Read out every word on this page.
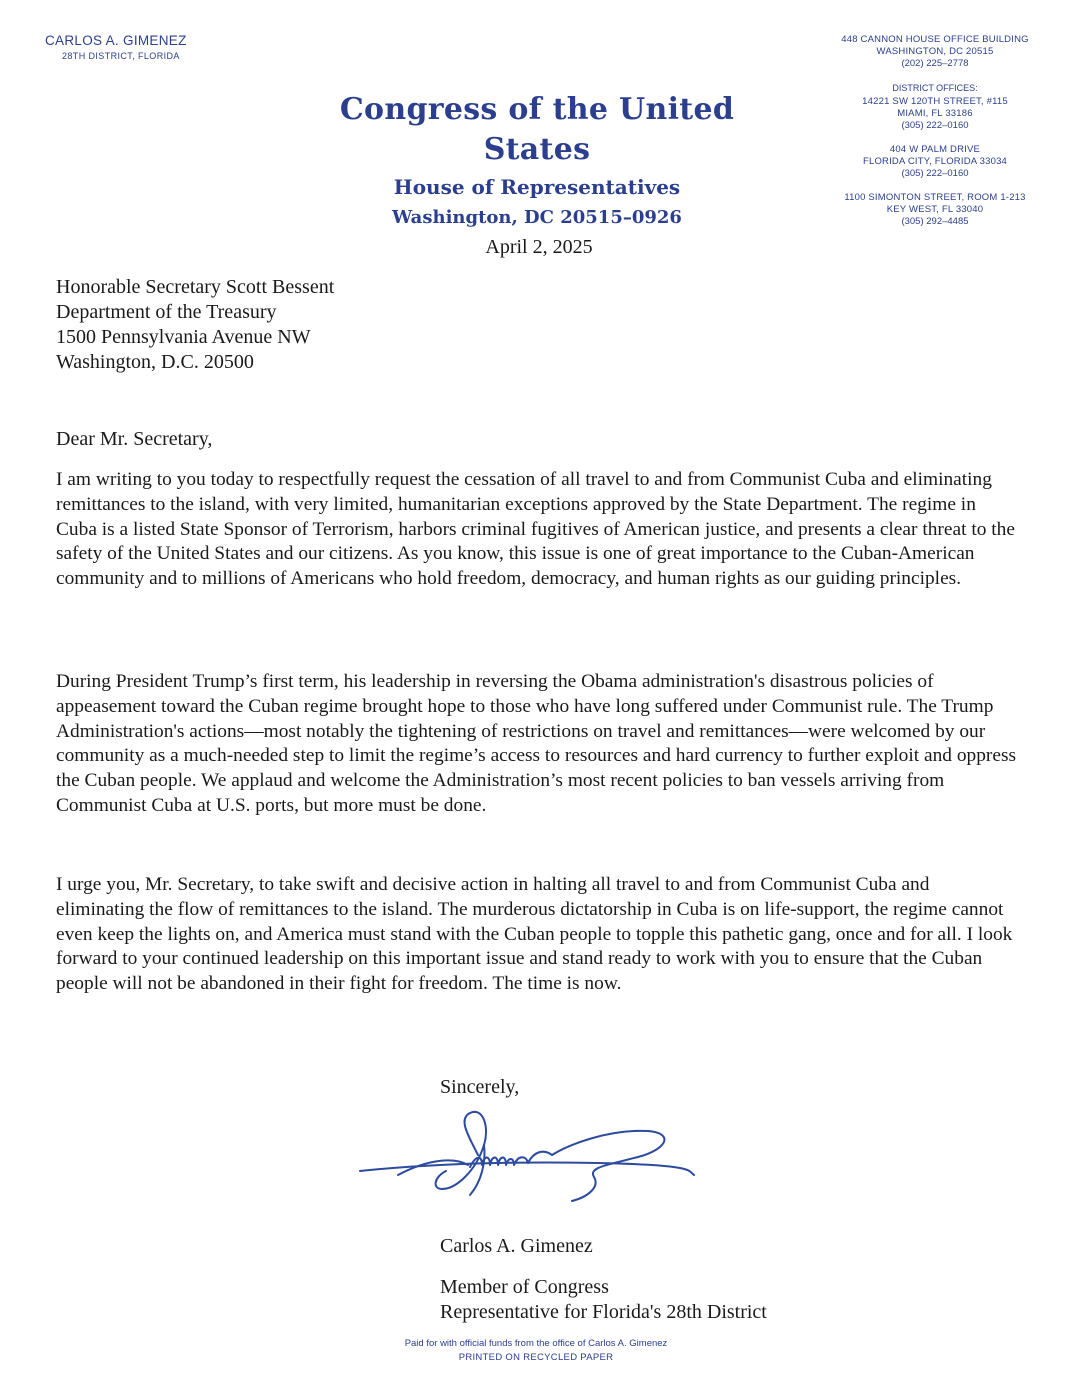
CARLOS A. GIMENEZ
28TH DISTRICT, FLORIDA
Congress of the United States
House of Representatives
Washington, DC 20515–0926
448 CANNON HOUSE OFFICE BUILDING
WASHINGTON, DC 20515
(202) 225–2778
DISTRICT OFFICES:
14221 SW 120TH STREET, #115
MIAMI, FL 33186
(305) 222–0160
404 W PALM DRIVE
FLORIDA CITY, FLORIDA 33034
(305) 222–0160
1100 SIMONTON STREET, ROOM 1-213
KEY WEST, FL 33040
(305) 292–4485
April 2, 2025
Honorable Secretary Scott Bessent
Department of the Treasury
1500 Pennsylvania Avenue NW
Washington, D.C. 20500
Dear Mr. Secretary,

I am writing to you today to respectfully request the cessation of all travel to and from Communist Cuba and eliminating remittances to the island, with very limited, humanitarian exceptions approved by the State Department. The regime in Cuba is a listed State Sponsor of Terrorism, harbors criminal fugitives of American justice, and presents a clear threat to the safety of the United States and our citizens. As you know, this issue is one of great importance to the Cuban-American community and to millions of Americans who hold freedom, democracy, and human rights as our guiding principles.

During President Trump’s first term, his leadership in reversing the Obama administration's disastrous policies of appeasement toward the Cuban regime brought hope to those who have long suffered under Communist rule. The Trump Administration's actions—most notably the tightening of restrictions on travel and remittances—were welcomed by our community as a much-needed step to limit the regime’s access to resources and hard currency to further exploit and oppress the Cuban people. We applaud and welcome the Administration’s most recent policies to ban vessels arriving from Communist Cuba at U.S. ports, but more must be done.

I urge you, Mr. Secretary, to take swift and decisive action in halting all travel to and from Communist Cuba and eliminating the flow of remittances to the island. The murderous dictatorship in Cuba is on life-support, the regime cannot even keep the lights on, and America must stand with the Cuban people to topple this pathetic gang, once and for all. I look forward to your continued leadership on this important issue and stand ready to work with you to ensure that the Cuban people will not be abandoned in their fight for freedom. The time is now.

Sincerely,
Carlos A. Gimenez
Member of Congress
Representative for Florida's 28th District
Paid for with official funds from the office of Carlos A. Gimenez
PRINTED ON RECYCLED PAPER
